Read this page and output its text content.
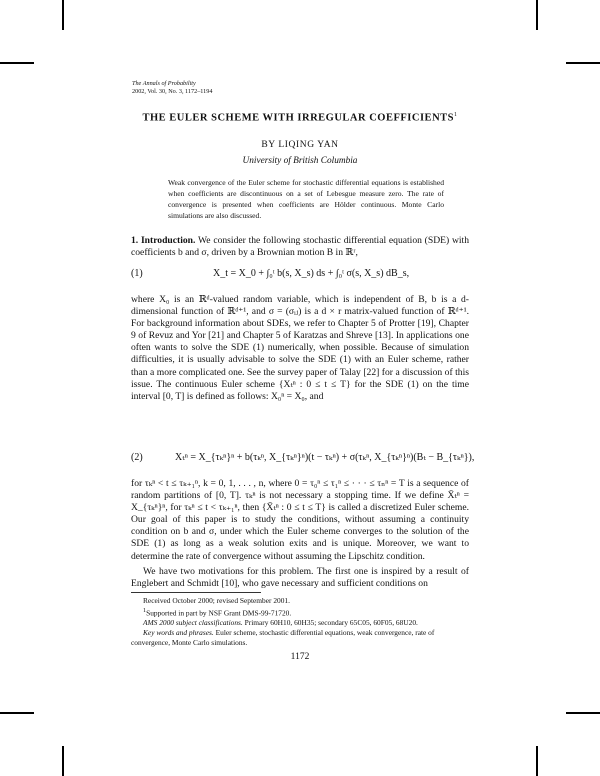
The Annals of Probability
2002, Vol. 30, No. 3, 1172–1194
THE EULER SCHEME WITH IRREGULAR COEFFICIENTS$^1$
BY LIQING YAN
University of British Columbia
Weak convergence of the Euler scheme for stochastic differential equations is established when coefficients are discontinuous on a set of Lebesgue measure zero. The rate of convergence is presented when coefficients are Hölder continuous. Monte Carlo simulations are also discussed.
1. Introduction. We consider the following stochastic differential equation (SDE) with coefficients b and σ, driven by a Brownian motion B in ℝʳ,
(1)	X_t = X_0 + ∫₀ᵗ b(s, X_s) ds + ∫₀ᵗ σ(s, X_s) dB_s,

where X₀ is an ℝᵈ-valued random variable, which is independent of B, b is a d-dimensional function of ℝᵈ⁺¹, and σ = (σᵢⱼ) is a d × r matrix-valued function of ℝᵈ⁺¹. For background information about SDEs, we refer to Chapter 5 of Protter [19], Chapter 9 of Revuz and Yor [21] and Chapter 5 of Karatzas and Shreve [13]. In applications one often wants to solve the SDE (1) numerically, when possible. Because of simulation difficulties, it is usually advisable to solve the SDE (1) with an Euler scheme, rather than a more complicated one. See the survey paper of Talay [22] for a discussion of this issue. The continuous Euler scheme {Xₜⁿ : 0 ≤ t ≤ T} for the SDE (1) on the time interval [0, T] is defined as follows: X₀ⁿ = X₀, and

(2)	Xₜⁿ = X_{τₖⁿ}ⁿ + b(τₖⁿ, X_{τₖⁿ}ⁿ)(t − τₖⁿ) + σ(τₖⁿ, X_{τₖⁿ}ⁿ)(Bₜ − B_{τₖⁿ}),

for τₖⁿ < t ≤ τₖ₊₁ⁿ, k = 0, 1, . . . , n, where 0 = τ₀ⁿ ≤ τ₁ⁿ ≤ · · · ≤ τₙⁿ = T is a sequence of random partitions of [0, T]. τₖⁿ is not necessary a stopping time. If we define X̄ₜⁿ = X_{τₖⁿ}ⁿ, for τₖⁿ ≤ t < τₖ₊₁ⁿ, then {X̄ₜⁿ : 0 ≤ t ≤ T} is called a discretized Euler scheme. Our goal of this paper is to study the conditions, without assuming a continuity condition on b and σ, under which the Euler scheme converges to the solution of the SDE (1) as long as a weak solution exits and is unique. Moreover, we want to determine the rate of convergence without assuming the Lipschitz condition.

We have two motivations for this problem. The first one is inspired by a result of Englebert and Schmidt [10], who gave necessary and sufficient conditions on
Received October 2000; revised September 2001.
$^1$Supported in part by NSF Grant DMS-99-71720.
AMS 2000 subject classifications. Primary 60H10, 60H35; secondary 65C05, 60F05, 68U20.
Key words and phrases. Euler scheme, stochastic differential equations, weak convergence, rate of convergence, Monte Carlo simulations.
1172
